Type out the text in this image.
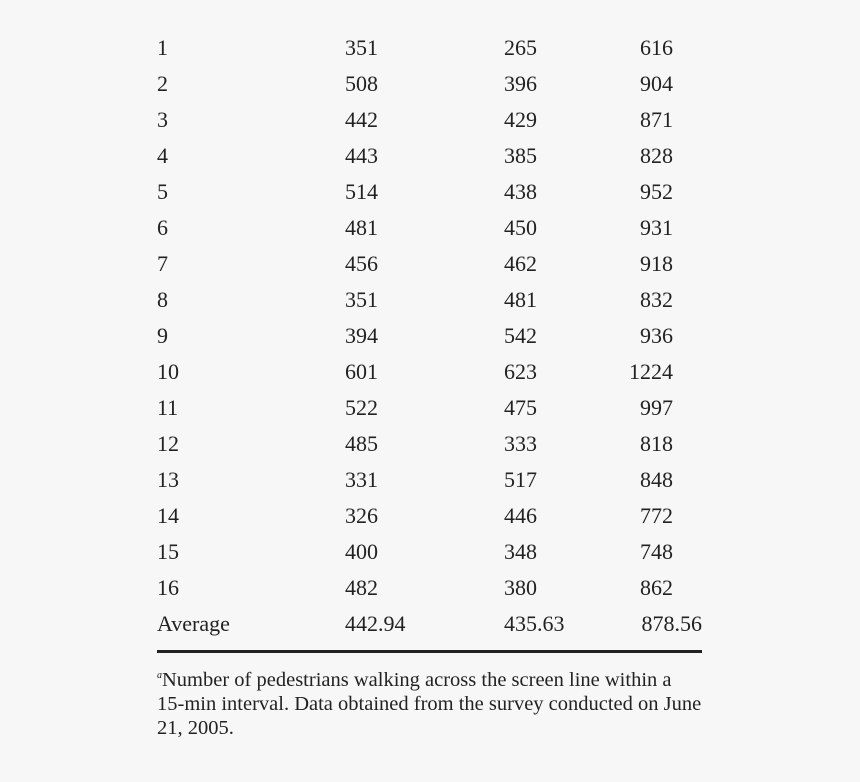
1	351	265	616
2	508	396	904
3	442	429	871
4	443	385	828
5	514	438	952
6	481	450	931
7	456	462	918
8	351	481	832
9	394	542	936
10	601	623	1224
11	522	475	997
12	485	333	818
13	331	517	848
14	326	446	772
15	400	348	748
16	482	380	862
Average	442.94	435.63	878.56
$^a$Number of pedestrians walking across the screen line within a 15-min interval. Data obtained from the survey conducted on June 21, 2005.
